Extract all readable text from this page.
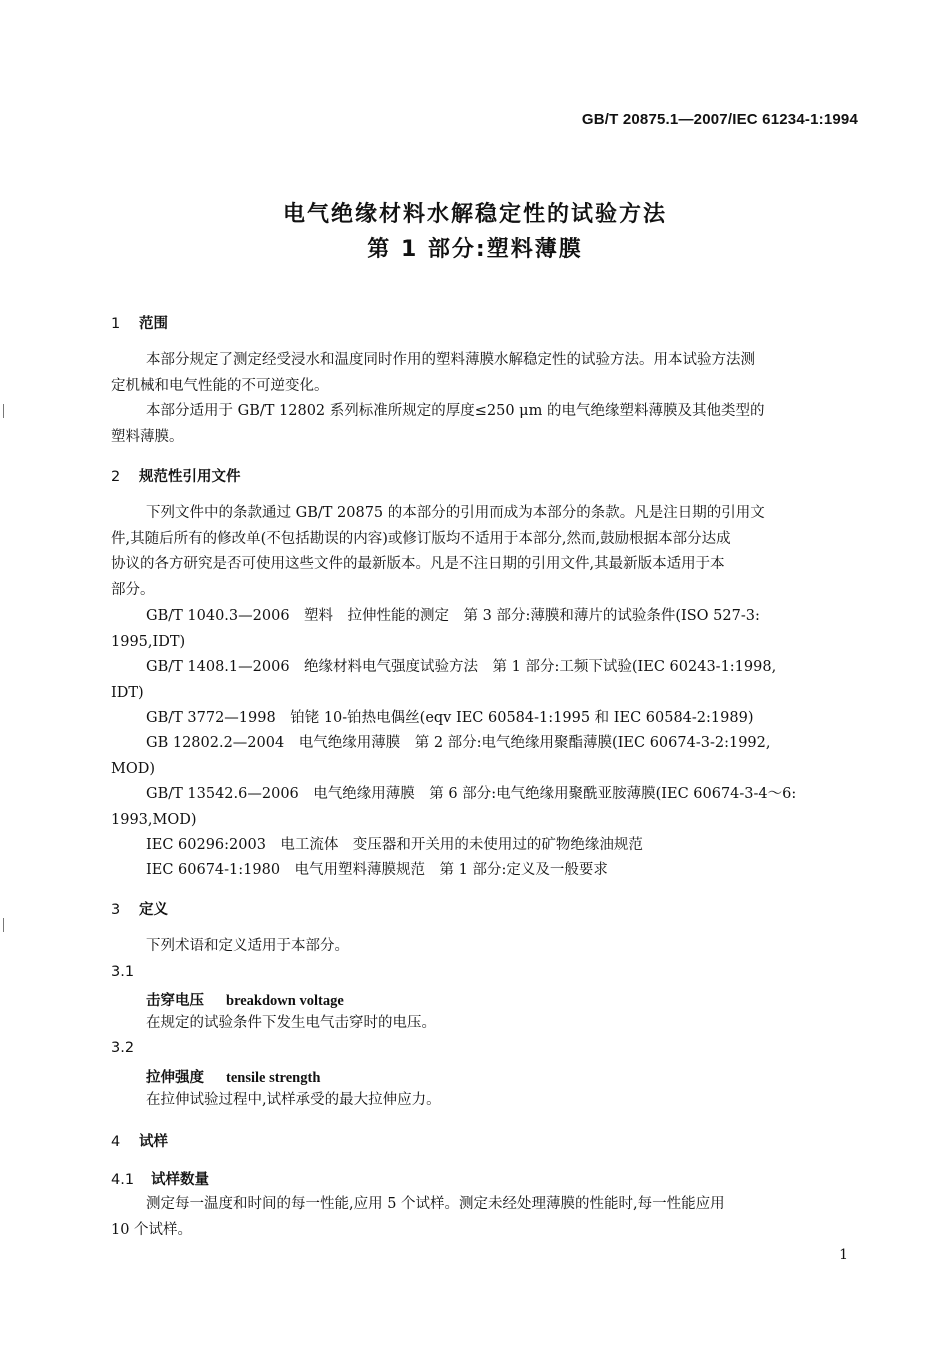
GB/T 20875.1—2007/IEC 61234-1:1994
电气绝缘材料水解稳定性的试验方法
第 1 部分:塑料薄膜
1 范围
本部分规定了测定经受浸水和温度同时作用的塑料薄膜水解稳定性的试验方法。用本试验方法测
定机械和电气性能的不可逆变化。
本部分适用于 GB/T 12802 系列标准所规定的厚度≤250 μm 的电气绝缘塑料薄膜及其他类型的
塑料薄膜。
2 规范性引用文件
下列文件中的条款通过 GB/T 20875 的本部分的引用而成为本部分的条款。凡是注日期的引用文
件,其随后所有的修改单(不包括勘误的内容)或修订版均不适用于本部分,然而,鼓励根据本部分达成
协议的各方研究是否可使用这些文件的最新版本。凡是不注日期的引用文件,其最新版本适用于本
部分。
GB/T 1040.3—2006　塑料　拉伸性能的测定　第 3 部分:薄膜和薄片的试验条件(ISO 527-3:
1995,IDT)
GB/T 1408.1—2006　绝缘材料电气强度试验方法　第 1 部分:工频下试验(IEC 60243-1:1998,
IDT)
GB/T 3772—1998　铂铑 10-铂热电偶丝(eqv IEC 60584-1:1995 和 IEC 60584-2:1989)
GB 12802.2—2004　电气绝缘用薄膜　第 2 部分:电气绝缘用聚酯薄膜(IEC 60674-3-2:1992,
MOD)
GB/T 13542.6—2006　电气绝缘用薄膜　第 6 部分:电气绝缘用聚酰亚胺薄膜(IEC 60674-3-4～6:
1993,MOD)
IEC 60296:2003　电工流体　变压器和开关用的未使用过的矿物绝缘油规范
IEC 60674-1:1980　电气用塑料薄膜规范　第 1 部分:定义及一般要求
3 定义
下列术语和定义适用于本部分。
3.1
击穿电压 breakdown voltage
在规定的试验条件下发生电气击穿时的电压。
3.2
拉伸强度 tensile strength
在拉伸试验过程中,试样承受的最大拉伸应力。
4 试样
4.1 试样数量
测定每一温度和时间的每一性能,应用 5 个试样。测定未经处理薄膜的性能时,每一性能应用
10 个试样。
1
